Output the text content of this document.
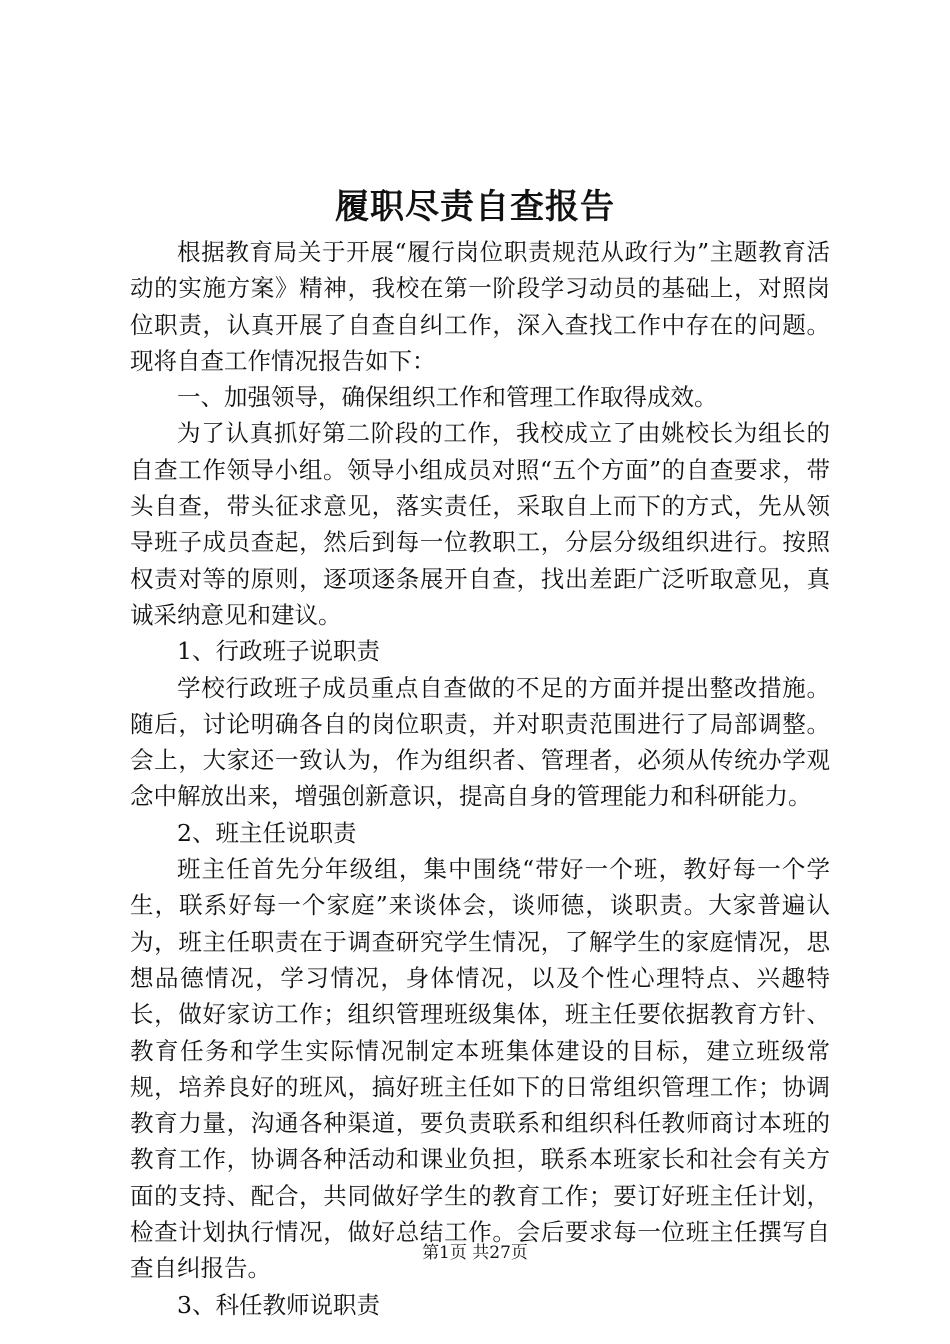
履职尽责自查报告

根据教育局关于开展“履行岗位职责规范从政行为”主题教育活动的实施方案》精神，我校在第一阶段学习动员的基础上，对照岗位职责，认真开展了自查自纠工作，深入查找工作中存在的问题。现将自查工作情况报告如下：

一、加强领导，确保组织工作和管理工作取得成效。

为了认真抓好第二阶段的工作，我校成立了由姚校长为组长的自查工作领导小组。领导小组成员对照“五个方面”的自查要求，带头自查，带头征求意见，落实责任，采取自上而下的方式，先从领导班子成员查起，然后到每一位教职工，分层分级组织进行。按照权责对等的原则，逐项逐条展开自查，找出差距广泛听取意见，真诚采纳意见和建议。

1、行政班子说职责

学校行政班子成员重点自查做的不足的方面并提出整改措施。随后，讨论明确各自的岗位职责，并对职责范围进行了局部调整。会上，大家还一致认为，作为组织者、管理者，必须从传统办学观念中解放出来，增强创新意识，提高自身的管理能力和科研能力。

2、班主任说职责

班主任首先分年级组，集中围绕“带好一个班，教好每一个学生，联系好每一个家庭”来谈体会，谈师德，谈职责。大家普遍认为，班主任职责在于调查研究学生情况，了解学生的家庭情况，思想品德情况，学习情况，身体情况，以及个性心理特点、兴趣特长，做好家访工作；组织管理班级集体，班主任要依据教育方针、教育任务和学生实际情况制定本班集体建设的目标，建立班级常规，培养良好的班风，搞好班主任如下的日常组织管理工作；协调教育力量，沟通各种渠道，要负责联系和组织科任教师商讨本班的教育工作，协调各种活动和课业负担，联系本班家长和社会有关方面的支持、配合，共同做好学生的教育工作；要订好班主任计划，检查计划执行情况，做好总结工作。会后要求每一位班主任撰写自查自纠报告。

3、科任教师说职责

第1页 共27页
